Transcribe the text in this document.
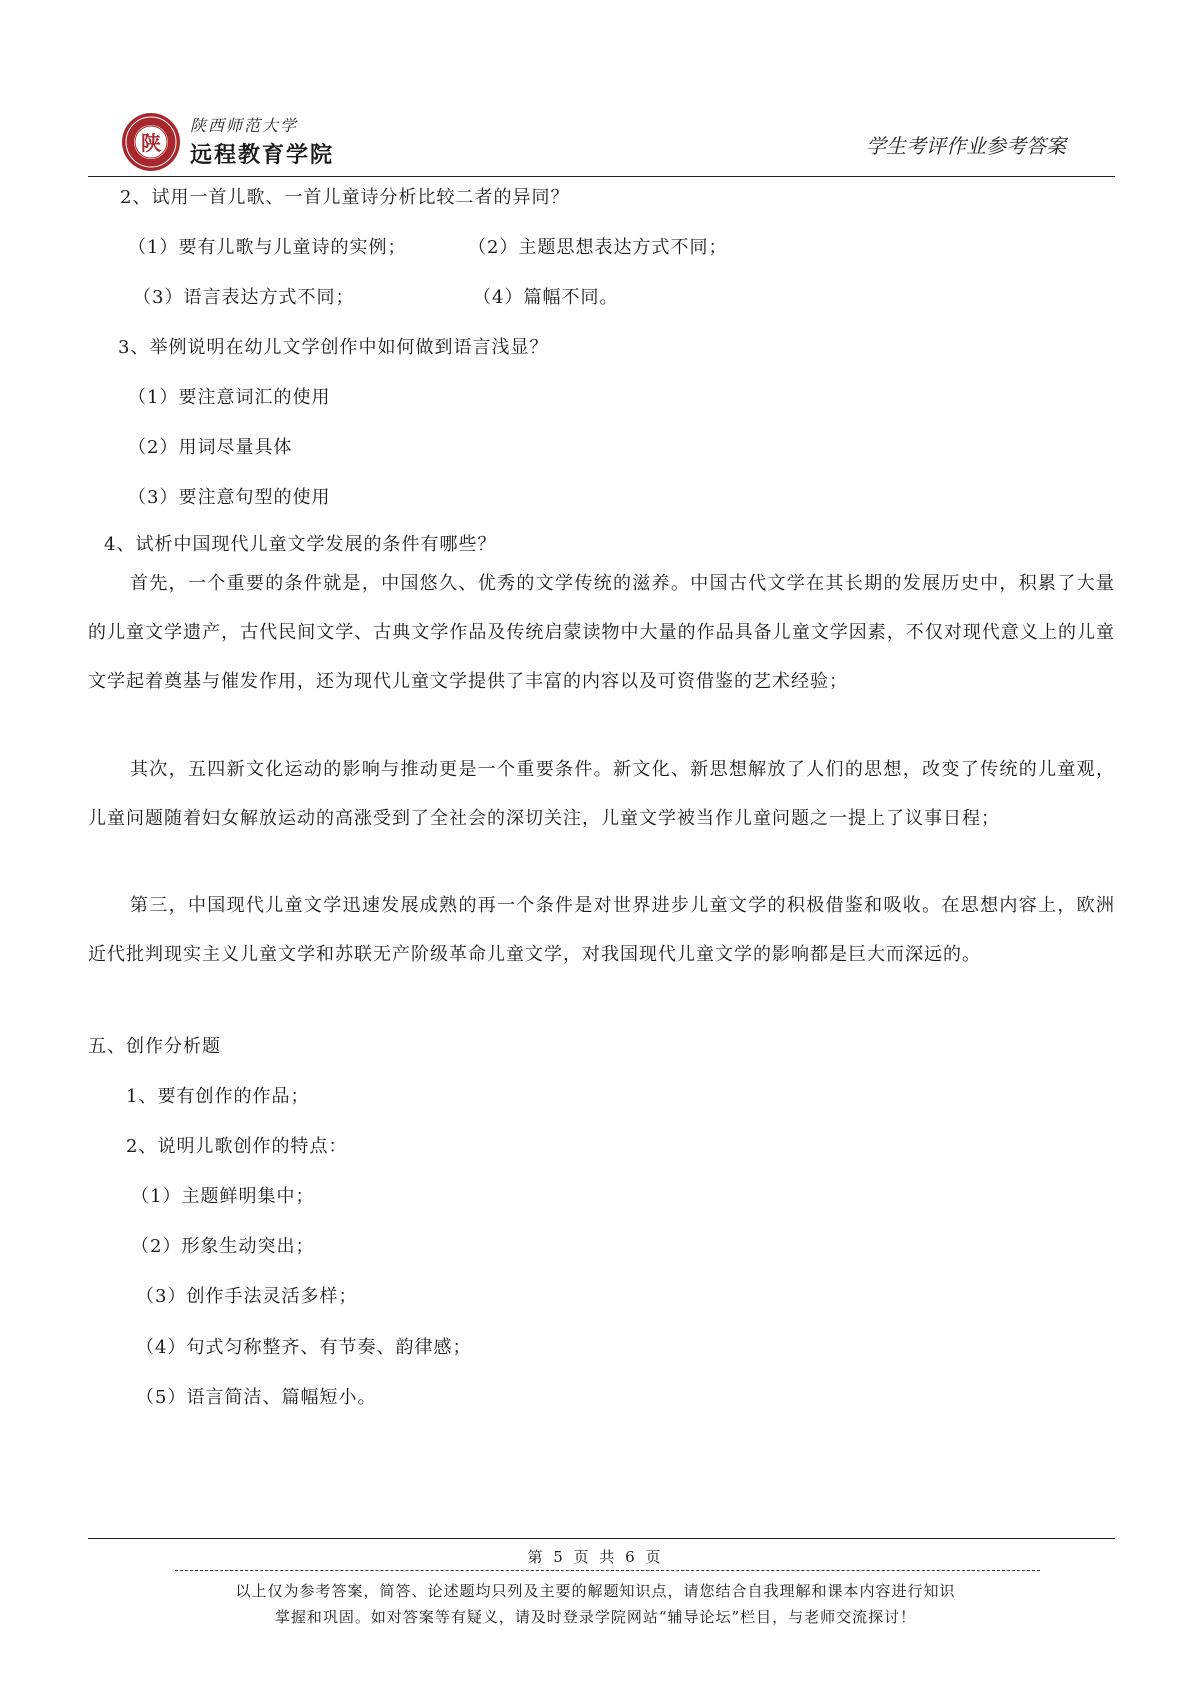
陕
陕西师范大学
远程教育学院	学生考评作业参考答案
2、试用一首儿歌、一首儿童诗分析比较二者的异同？
（1）要有儿歌与儿童诗的实例；	（2）主题思想表达方式不同；
（3）语言表达方式不同；	（4）篇幅不同。
3、举例说明在幼儿文学创作中如何做到语言浅显？
（1）要注意词汇的使用
（2）用词尽量具体
（3）要注意句型的使用
4、试析中国现代儿童文学发展的条件有哪些？
首先，一个重要的条件就是，中国悠久、优秀的文学传统的滋养。中国古代文学在其长期的发展历史中，积累了大量的儿童文学遗产，古代民间文学、古典文学作品及传统启蒙读物中大量的作品具备儿童文学因素，不仅对现代意义上的儿童文学起着奠基与催发作用，还为现代儿童文学提供了丰富的内容以及可资借鉴的艺术经验；
其次，五四新文化运动的影响与推动更是一个重要条件。新文化、新思想解放了人们的思想，改变了传统的儿童观，儿童问题随着妇女解放运动的高涨受到了全社会的深切关注，儿童文学被当作儿童问题之一提上了议事日程；
第三，中国现代儿童文学迅速发展成熟的再一个条件是对世界进步儿童文学的积极借鉴和吸收。在思想内容上，欧洲近代批判现实主义儿童文学和苏联无产阶级革命儿童文学，对我国现代儿童文学的影响都是巨大而深远的。
五、创作分析题
1、要有创作的作品；
2、说明儿歌创作的特点：
（1）主题鲜明集中；
（2）形象生动突出；
（3）创作手法灵活多样；
（4）句式匀称整齐、有节奏、韵律感；
（5）语言简洁、篇幅短小。
第 5 页 共 6 页
以上仅为参考答案，简答、论述题均只列及主要的解题知识点，请您结合自我理解和课本内容进行知识
掌握和巩固。如对答案等有疑义，请及时登录学院网站“辅导论坛”栏目，与老师交流探讨！
